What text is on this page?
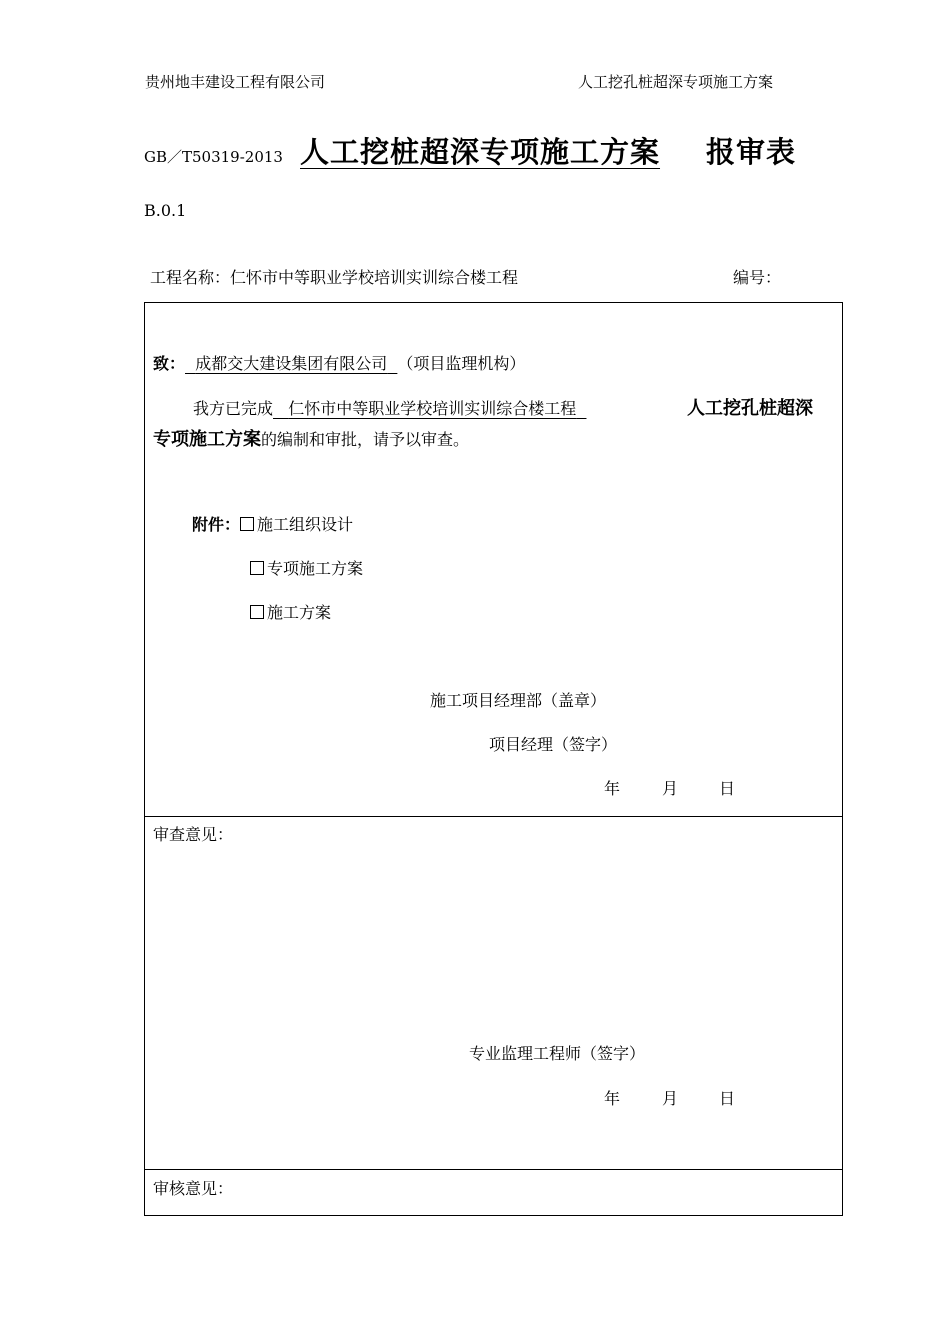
贵州地丰建设工程有限公司	人工挖孔桩超深专项施工方案
GB／T50319-2013 人工挖桩超深专项施工方案 报审表
B.0.1
工程名称：仁怀市中等职业学校培训实训综合楼工程	编号：
致： 成都交大建设集团有限公司 （项目监理机构）
我方已完成 仁怀市中等职业学校培训实训综合楼工程	人工挖孔桩超深
专项施工方案的编制和审批，请予以审查。
附件： 施工组织设计
专项施工方案
施工方案
施工项目经理部（盖章）
项目经理（签字）
年	月	日
审查意见：
专业监理工程师（签字）
年	月	日
审核意见：
